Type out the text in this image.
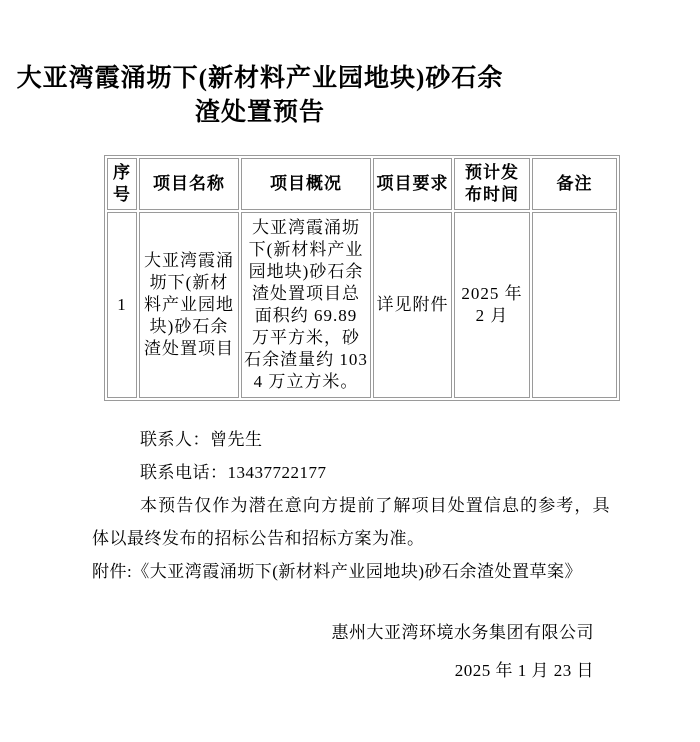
大亚湾霞涌坜下(新材料产业园地块)砂石余
渣处置预告
序号	项目名称	项目概况	项目要求	预计发布时间	备注
1	大亚湾霞涌坜下(新材料产业园地块)砂石余渣处置项目	大亚湾霞涌坜下(新材料产业园地块)砂石余渣处置项目总面积约 69.89 万平方米，砂石余渣量约 1034 万立方米。	详见附件	2025 年 2 月	
联系人：曾先生
联系电话：13437722177

本预告仅作为潜在意向方提前了解项目处置信息的参考，具体以最终发布的招标公告和招标方案为准。

附件:《大亚湾霞涌坜下(新材料产业园地块)砂石余渣处置草案》
惠州大亚湾环境水务集团有限公司
2025 年 1 月 23 日
